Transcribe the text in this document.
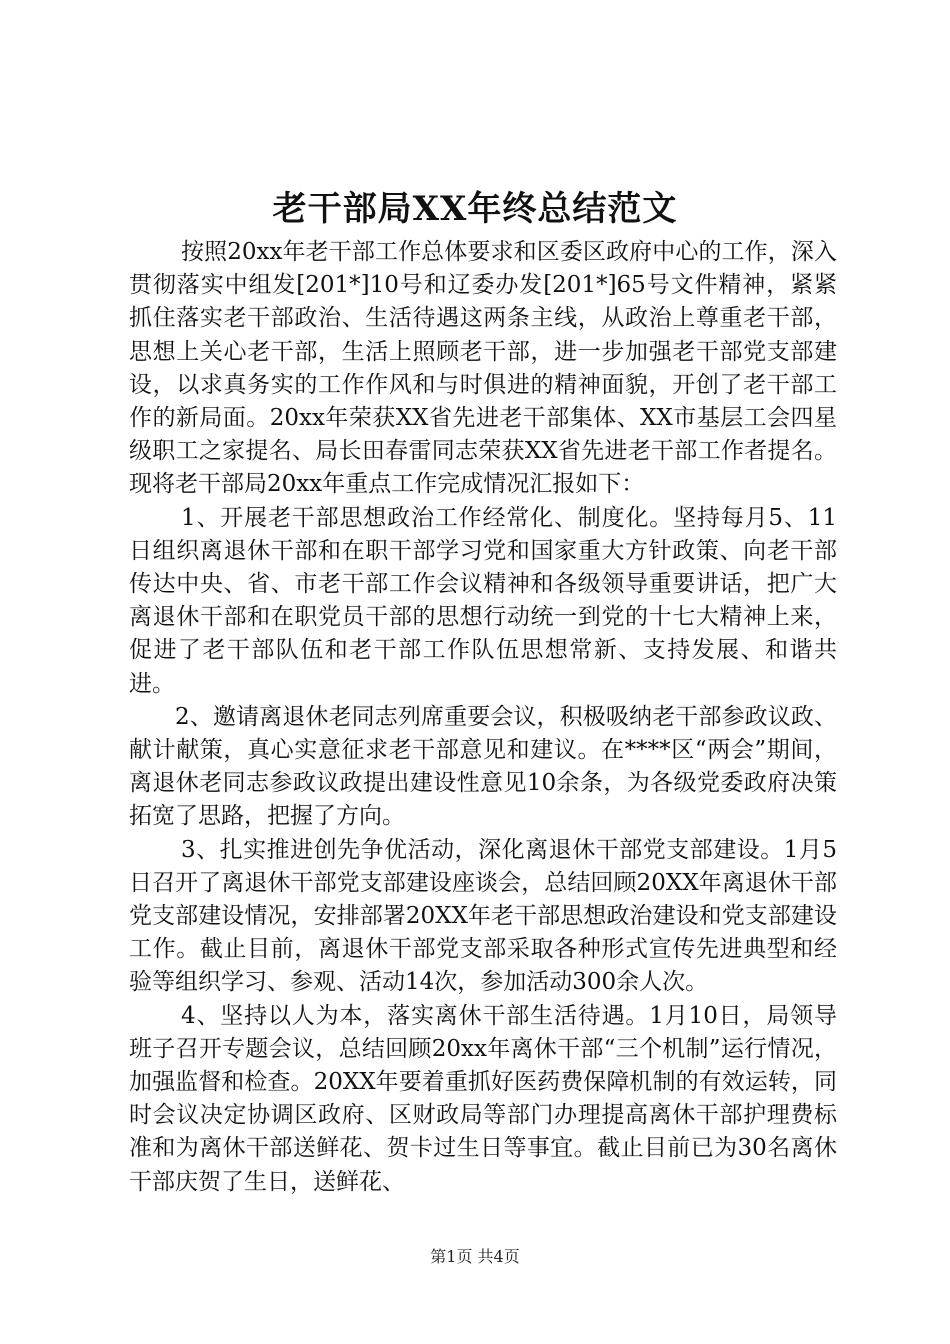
老干部局XX年终总结范文

按照20xx年老干部工作总体要求和区委区政府中心的工作，深入贯彻落实中组发[201*]10号和辽委办发[201*]65号文件精神，紧紧抓住落实老干部政治、生活待遇这两条主线，从政治上尊重老干部，思想上关心老干部，生活上照顾老干部，进一步加强老干部党支部建设，以求真务实的工作作风和与时俱进的精神面貌，开创了老干部工作的新局面。20xx年荣获XX省先进老干部集体、XX市基层工会四星级职工之家提名、局长田春雷同志荣获XX省先进老干部工作者提名。现将老干部局20xx年重点工作完成情况汇报如下：

1、开展老干部思想政治工作经常化、制度化。坚持每月5、11日组织离退休干部和在职干部学习党和国家重大方针政策、向老干部传达中央、省、市老干部工作会议精神和各级领导重要讲话，把广大离退休干部和在职党员干部的思想行动统一到党的十七大精神上来，促进了老干部队伍和老干部工作队伍思想常新、支持发展、和谐共进。

2、邀请离退休老同志列席重要会议，积极吸纳老干部参政议政、献计献策，真心实意征求老干部意见和建议。在****区“两会”期间，离退休老同志参政议政提出建设性意见10余条，为各级党委政府决策拓宽了思路，把握了方向。

3、扎实推进创先争优活动，深化离退休干部党支部建设。1月5日召开了离退休干部党支部建设座谈会，总结回顾20XX年离退休干部党支部建设情况，安排部署20XX年老干部思想政治建设和党支部建设工作。截止目前，离退休干部党支部采取各种形式宣传先进典型和经验等组织学习、参观、活动14次，参加活动300余人次。

4、坚持以人为本，落实离休干部生活待遇。1月10日，局领导班子召开专题会议，总结回顾20xx年离休干部“三个机制”运行情况，加强监督和检查。20XX年要着重抓好医药费保障机制的有效运转，同时会议决定协调区政府、区财政局等部门办理提高离休干部护理费标准和为离休干部送鲜花、贺卡过生日等事宜。截止目前已为30名离休干部庆贺了生日，送鲜花、

第1页 共4页
